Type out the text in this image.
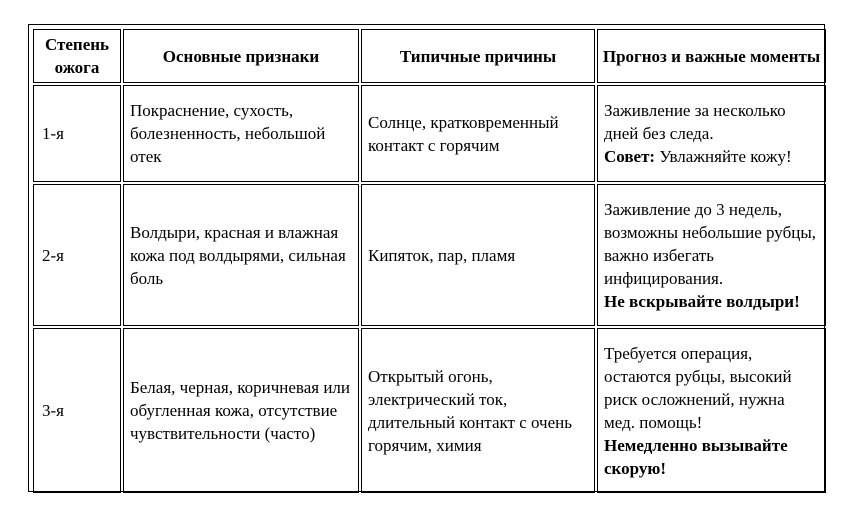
Степень ожога	Основные признаки	Типичные причины	Прогноз и важные моменты
1-я	Покраснение, сухость, болезненность, небольшой отек	Солнце, кратковременный контакт с горячим	Заживление за несколько дней без следа.
Совет: Увлажняйте кожу!

2-я	Волдыри, красная и влажная кожа под волдырями, сильная боль	Кипяток, пар, пламя	Заживление до 3 недель, возможны небольшие рубцы, важно избегать инфицирования.
Не вскрывайте волдыри!

3-я	Белая, черная, коричневая или обугленная кожа, отсутствие чувствительности (часто)	Открытый огонь, электрический ток, длительный контакт с очень горячим, химия	Требуется операция, остаются рубцы, высокий риск осложнений, нужна мед. помощь!
Немедленно вызывайте скорую!
